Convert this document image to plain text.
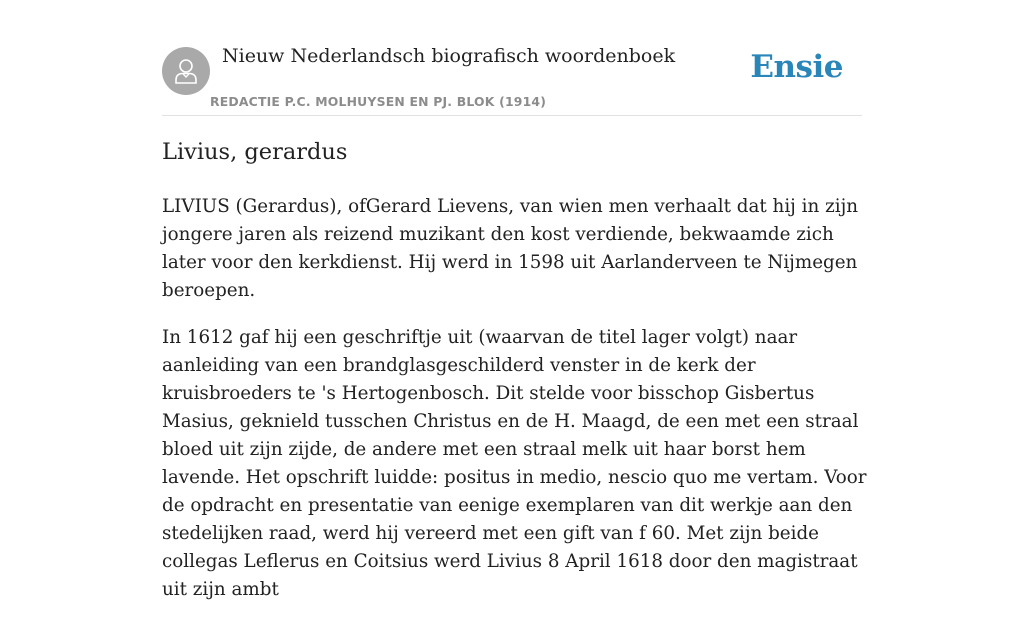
Nieuw Nederlandsch biografisch woordenboek
REDACTIE P.C. MOLHUYSEN EN PJ. BLOK (1914)
Ensie
Livius, gerardus

LIVIUS (Gerardus), ofGerard Lievens, van wien men verhaalt dat hij in zijn jongere jaren als reizend muzikant den kost verdiende, bekwaamde zich later voor den kerkdienst. Hij werd in 1598 uit Aarlanderveen te Nijmegen beroepen.

In 1612 gaf hij een geschriftje uit (waarvan de titel lager volgt) naar aanleiding van een brandglasgeschilderd venster in de kerk der kruisbroeders te 's Hertogenbosch. Dit stelde voor bisschop Gisbertus Masius, geknield tusschen Christus en de H. Maagd, de een met een straal bloed uit zijn zijde, de andere met een straal melk uit haar borst hem lavende. Het opschrift luidde: positus in medio, nescio quo me vertam. Voor de opdracht en presentatie van eenige exemplaren van dit werkje aan den stedelijken raad, werd hij vereerd met een gift van f 60. Met zijn beide collegas Leflerus en Coitsius werd Livius 8 April 1618 door den magistraat uit zijn ambt
